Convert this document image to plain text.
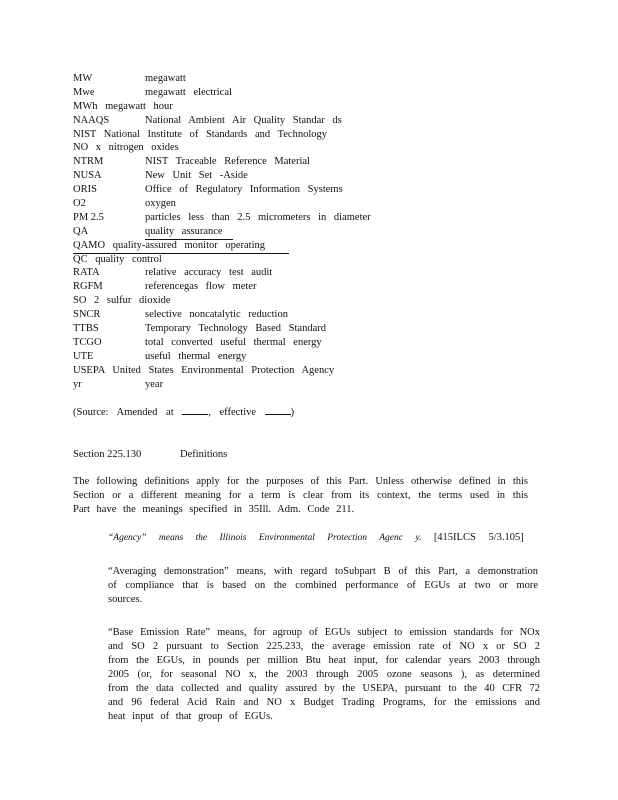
MW	megawatt
Mwe	megawatt electrical
MWh megawatt hour
NAAQS	National Ambient Air Quality Standar ds
NIST National Institute of Standards and Technology
NO x nitrogen oxides
NTRM	NIST Traceable Reference Material
NUSA	New Unit Set -Aside
ORIS	Office of Regulatory Information Systems
O2	oxygen
PM 2.5	particles less than 2.5 micrometers in diameter
QA	quality assurance
QAMO quality-assured monitor operating
QC quality control
RATA	relative accuracy test audit
RGFM	referencegas flow meter
SO 2 sulfur dioxide
SNCR	selective noncatalytic reduction
TTBS	Temporary Technology Based Standard
TCGO	total converted useful thermal energy
UTE	useful thermal energy
USEPA United States Environmental Protection Agency
yr	year
(Source: Amended at	, effective	)
Section 225.130	Definitions
The following definitions apply for the purposes of this Part. Unless otherwise defined in this Section or a different meaning for a term is clear from its context, the terms used in this Part have the meanings specified in 35Ill. Adm. Code 211.
“Agency” means the Illinois Environmental Protection Agenc y. [415ILCS 5/3.105]
“Averaging demonstration” means, with regard toSubpart B of this Part, a demonstration of compliance that is based on the combined performance of EGUs at two or more sources.
“Base Emission Rate” means, for agroup of EGUs subject to emission standards for NOx and SO 2 pursuant to Section 225.233, the average emission rate of NO x or SO 2 from the EGUs, in pounds per million Btu heat input, for calendar years 2003 through 2005 (or, for seasonal NO x, the 2003 through 2005 ozone seasons ), as determined from the data collected and quality assured by the USEPA, pursuant to the 40 CFR 72 and 96 federal Acid Rain and NO x Budget Trading Programs, for the emissions and heat input of that group of EGUs.
